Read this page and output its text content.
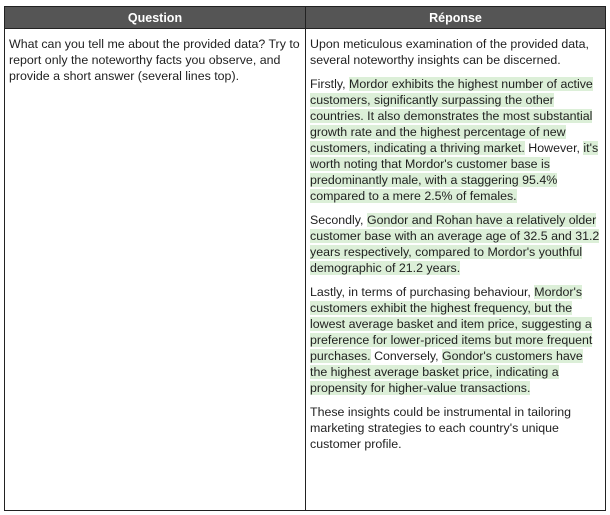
Question	Réponse

What can you tell me about the provided data? Try to report only the noteworthy facts you observe, and provide a short answer (several lines top).

Upon meticulous examination of the provided data, several noteworthy insights can be discerned.

Firstly, Mordor exhibits the highest number of active customers, significantly surpassing the other countries. It also demonstrates the most substantial growth rate and the highest percentage of new customers, indicating a thriving market. However, it's worth noting that Mordor's customer base is predominantly male, with a staggering 95.4% compared to a mere 2.5% of females.

Secondly, Gondor and Rohan have a relatively older customer base with an average age of 32.5 and 31.2 years respectively, compared to Mordor's youthful demographic of 21.2 years.

Lastly, in terms of purchasing behaviour, Mordor's customers exhibit the highest frequency, but the lowest average basket and item price, suggesting a preference for lower-priced items but more frequent purchases. Conversely, Gondor's customers have the highest average basket price, indicating a propensity for higher-value transactions.

These insights could be instrumental in tailoring marketing strategies to each country's unique customer profile.
